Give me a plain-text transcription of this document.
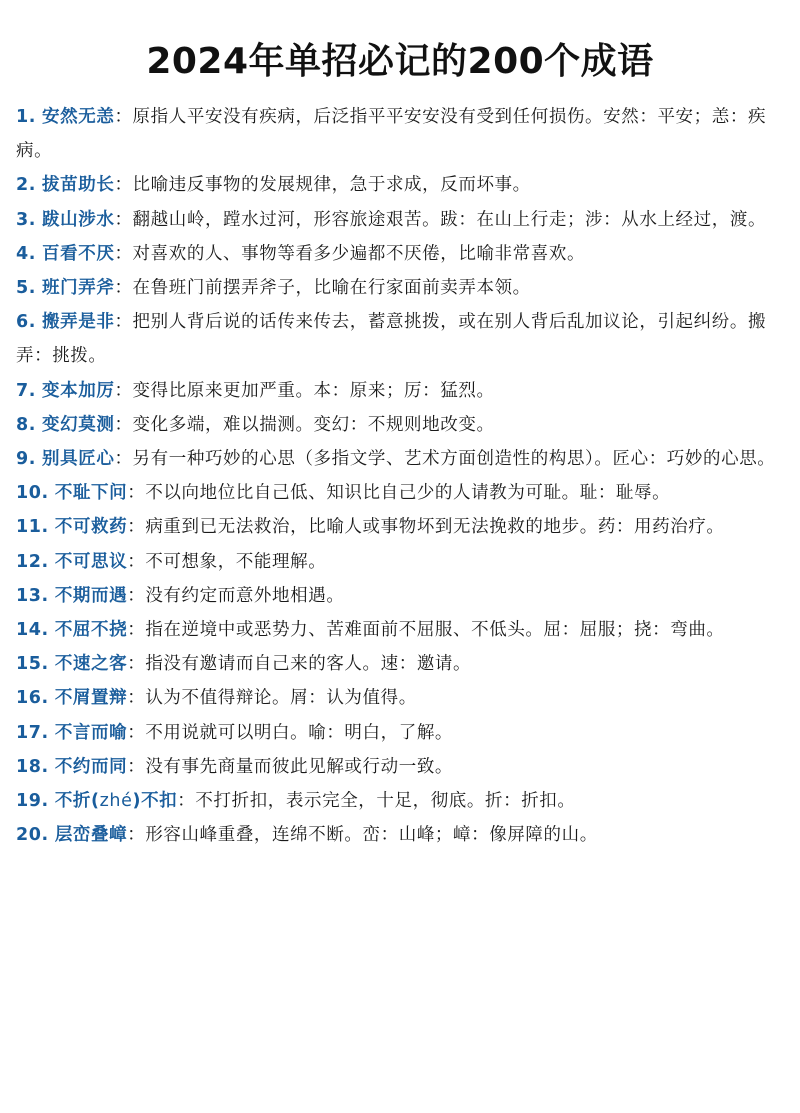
2024年单招必记的200个成语
1. 安然无恙：原指人平安没有疾病，后泛指平平安安没有受到任何损伤。安然：平安；恙：疾病。
2. 拔苗助长：比喻违反事物的发展规律，急于求成，反而坏事。
3. 跋山涉水：翻越山岭，蹚水过河，形容旅途艰苦。跋：在山上行走；涉：从水上经过，渡。
4. 百看不厌：对喜欢的人、事物等看多少遍都不厌倦，比喻非常喜欢。
5. 班门弄斧：在鲁班门前摆弄斧子，比喻在行家面前卖弄本领。
6. 搬弄是非：把别人背后说的话传来传去，蓄意挑拨，或在别人背后乱加议论，引起纠纷。搬弄：挑拨。
7. 变本加厉：变得比原来更加严重。本：原来；厉：猛烈。
8. 变幻莫测：变化多端，难以揣测。变幻：不规则地改变。
9. 别具匠心：另有一种巧妙的心思（多指文学、艺术方面创造性的构思）。匠心：巧妙的心思。
10. 不耻下问：不以向地位比自己低、知识比自己少的人请教为可耻。耻：耻辱。
11. 不可救药：病重到已无法救治，比喻人或事物坏到无法挽救的地步。药：用药治疗。
12. 不可思议：不可想象，不能理解。
13. 不期而遇：没有约定而意外地相遇。
14. 不屈不挠：指在逆境中或恶势力、苦难面前不屈服、不低头。屈：屈服；挠：弯曲。
15. 不速之客：指没有邀请而自己来的客人。速：邀请。
16. 不屑置辩：认为不值得辩论。屑：认为值得。
17. 不言而喻：不用说就可以明白。喻：明白，了解。
18. 不约而同：没有事先商量而彼此见解或行动一致。
19. 不折(zhé)不扣：不打折扣，表示完全，十足，彻底。折：折扣。
20. 层峦叠嶂：形容山峰重叠，连绵不断。峦：山峰；嶂：像屏障的山。
